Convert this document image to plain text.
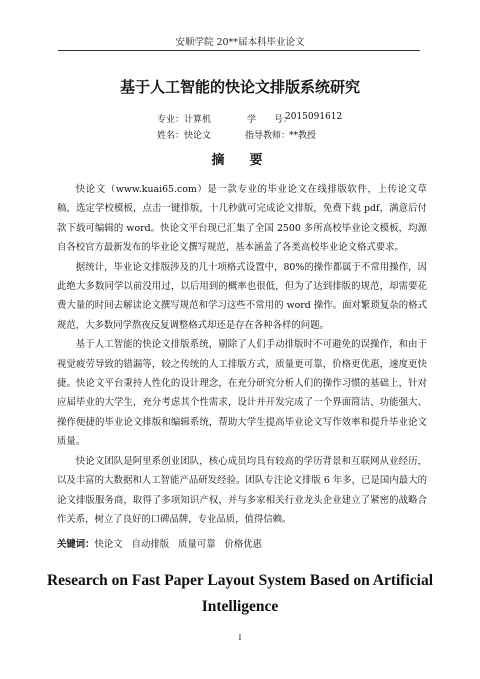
安顺学院 20**届本科毕业论文
基于人工智能的快论文排版系统研究
专业：计算机	学　　号：
2015091612
姓名：快论文	指导教师：
**教授
摘　要

快论文（www.kuai65.com）是一款专业的毕业论文在线排版软件，上传论文草稿，选定学校模板，点击一键排版，十几秒就可完成论文排版，免费下载 pdf，满意后付款下载可编辑的 word。快论文平台现已汇集了全国 2500 多所高校毕业论文模板，均源自各校官方最新发布的毕业论文撰写规范，基本涵盖了各类高校毕业论文格式要求。

据统计，毕业论文排版涉及的几十项格式设置中，80%的操作都属于不常用操作，因此绝大多数同学以前没用过，以后用到的概率也很低，但为了达到排版的规范，却需要花费大量的时间去解读论文撰写规范和学习这些不常用的 word 操作。面对繁琐复杂的格式规范，大多数同学熬夜反复调整格式却还是存在各种各样的问题。

基于人工智能的快论文排版系统，剔除了人们手动排版时不可避免的误操作，和由于视觉疲劳导致的错漏等，较之传统的人工排版方式，质量更可靠，价格更优惠，速度更快捷。快论文平台秉持人性化的设计理念，在充分研究分析人们的操作习惯的基础上，针对应届毕业的大学生，充分考虑其个性需求，设计并开发完成了一个界面简洁、功能强大、操作便捷的毕业论文排版和编辑系统，帮助大学生提高毕业论文写作效率和提升毕业论文质量。

快论文团队是阿里系创业团队，核心成员均具有较高的学历背景和互联网从业经历，以及丰富的大数据和人工智能产品研发经验。团队专注论文排版 6 年多，已是国内最大的论文排版服务商，取得了多项知识产权，并与多家相关行业龙头企业建立了紧密的战略合作关系，树立了良好的口碑品牌，专业品质，值得信赖。

关键词：快论文 自动排版 质量可靠 价格优惠
Research on Fast Paper Layout System Based on Artificial Intelligence
I
